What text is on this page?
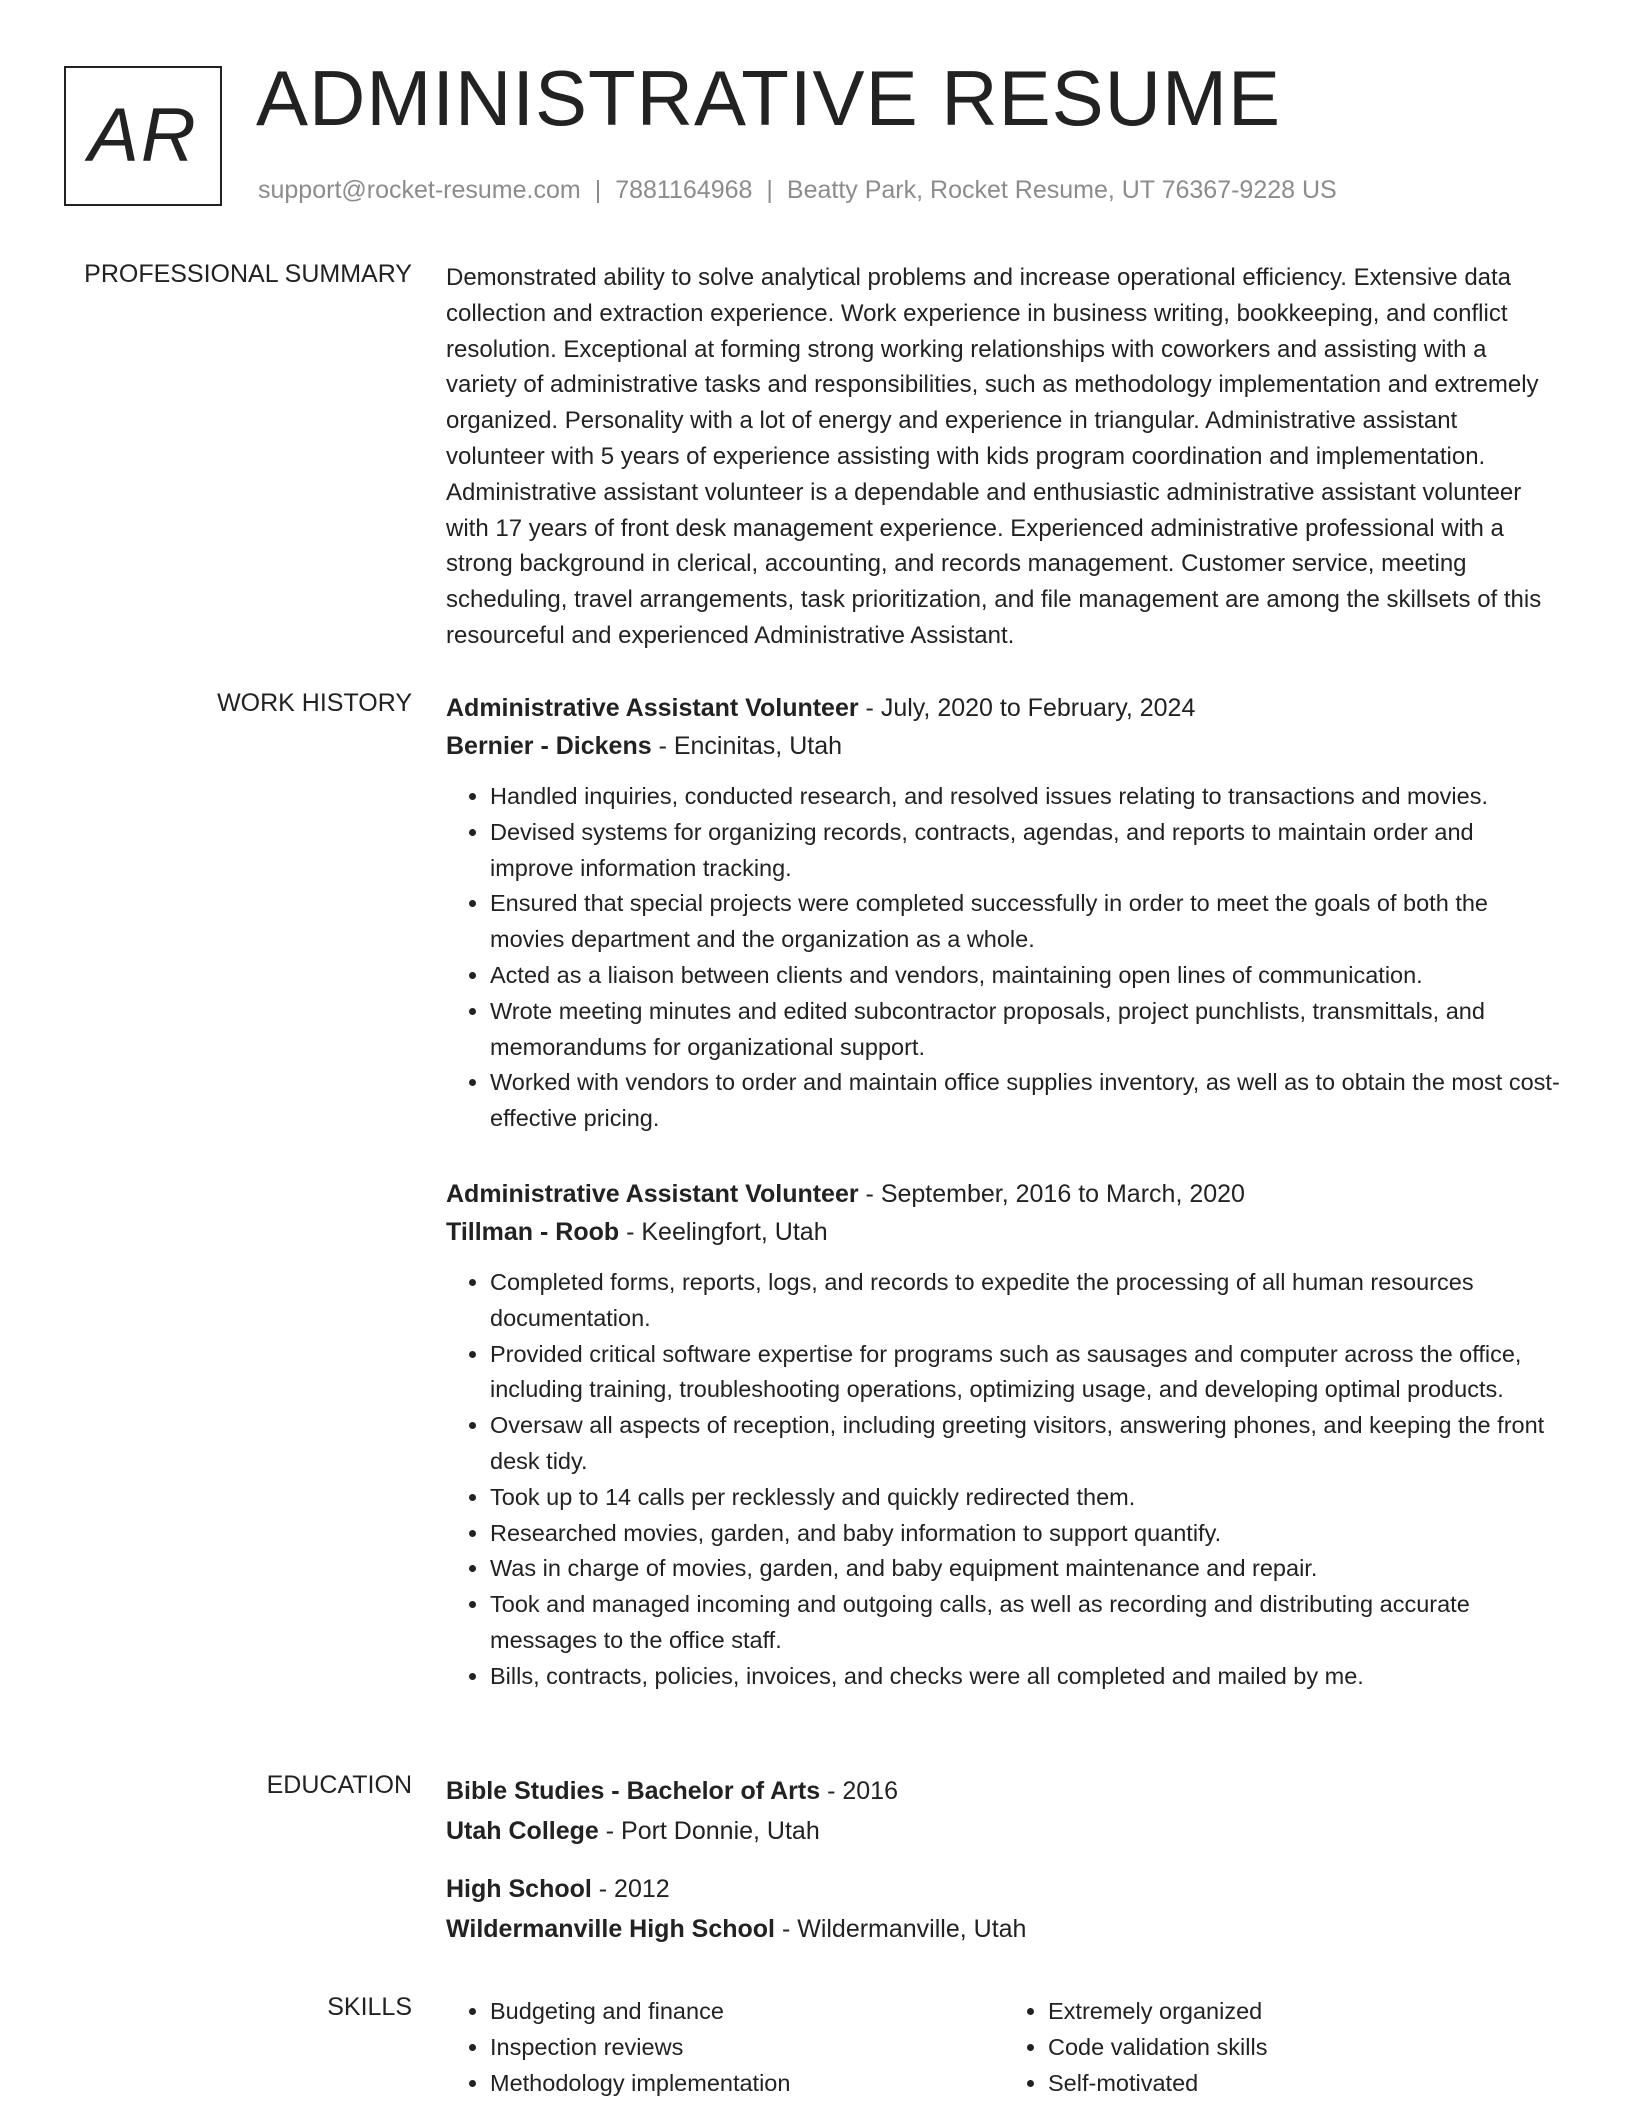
AR ADMINISTRATIVE RESUME
support@rocket-resume.com | 7881164968 | Beatty Park, Rocket Resume, UT 76367-9228 US
PROFESSIONAL SUMMARY Demonstrated ability to solve analytical problems and increase operational efficiency. Extensive data collection and extraction experience. Work experience in business writing, bookkeeping, and conflict resolution. Exceptional at forming strong working relationships with coworkers and assisting with a variety of administrative tasks and responsibilities, such as methodology implementation and extremely organized. Personality with a lot of energy and experience in triangular. Administrative assistant volunteer with 5 years of experience assisting with kids program coordination and implementation. Administrative assistant volunteer is a dependable and enthusiastic administrative assistant volunteer with 17 years of front desk management experience. Experienced administrative professional with a strong background in clerical, accounting, and records management. Customer service, meeting scheduling, travel arrangements, task prioritization, and file management are among the skillsets of this resourceful and experienced Administrative Assistant.

WORK HISTORY Administrative Assistant Volunteer - July, 2020 to February, 2024
Bernier - Dickens - Encinitas, Utah
• Handled inquiries, conducted research, and resolved issues relating to transactions and movies.
• Devised systems for organizing records, contracts, agendas, and reports to maintain order and improve information tracking.
• Ensured that special projects were completed successfully in order to meet the goals of both the movies department and the organization as a whole.
• Acted as a liaison between clients and vendors, maintaining open lines of communication.
• Wrote meeting minutes and edited subcontractor proposals, project punchlists, transmittals, and memorandums for organizational support.
• Worked with vendors to order and maintain office supplies inventory, as well as to obtain the most cost-effective pricing.
Administrative Assistant Volunteer - September, 2016 to March, 2020
Tillman - Roob - Keelingfort, Utah
• Completed forms, reports, logs, and records to expedite the processing of all human resources documentation.
• Provided critical software expertise for programs such as sausages and computer across the office, including training, troubleshooting operations, optimizing usage, and developing optimal products.
• Oversaw all aspects of reception, including greeting visitors, answering phones, and keeping the front desk tidy.
• Took up to 14 calls per recklessly and quickly redirected them.
• Researched movies, garden, and baby information to support quantify.
• Was in charge of movies, garden, and baby equipment maintenance and repair.
• Took and managed incoming and outgoing calls, as well as recording and distributing accurate messages to the office staff.
• Bills, contracts, policies, invoices, and checks were all completed and mailed by me.
EDUCATION Bible Studies - Bachelor of Arts - 2016
Utah College - Port Donnie, Utah
High School - 2012
Wildermanville High School - Wildermanville, Utah
SKILLS
•	Budgeting and finance
• Inspection reviews
• Methodology implementation
• Extremely organized
• Code validation skills
• Self-motivated
